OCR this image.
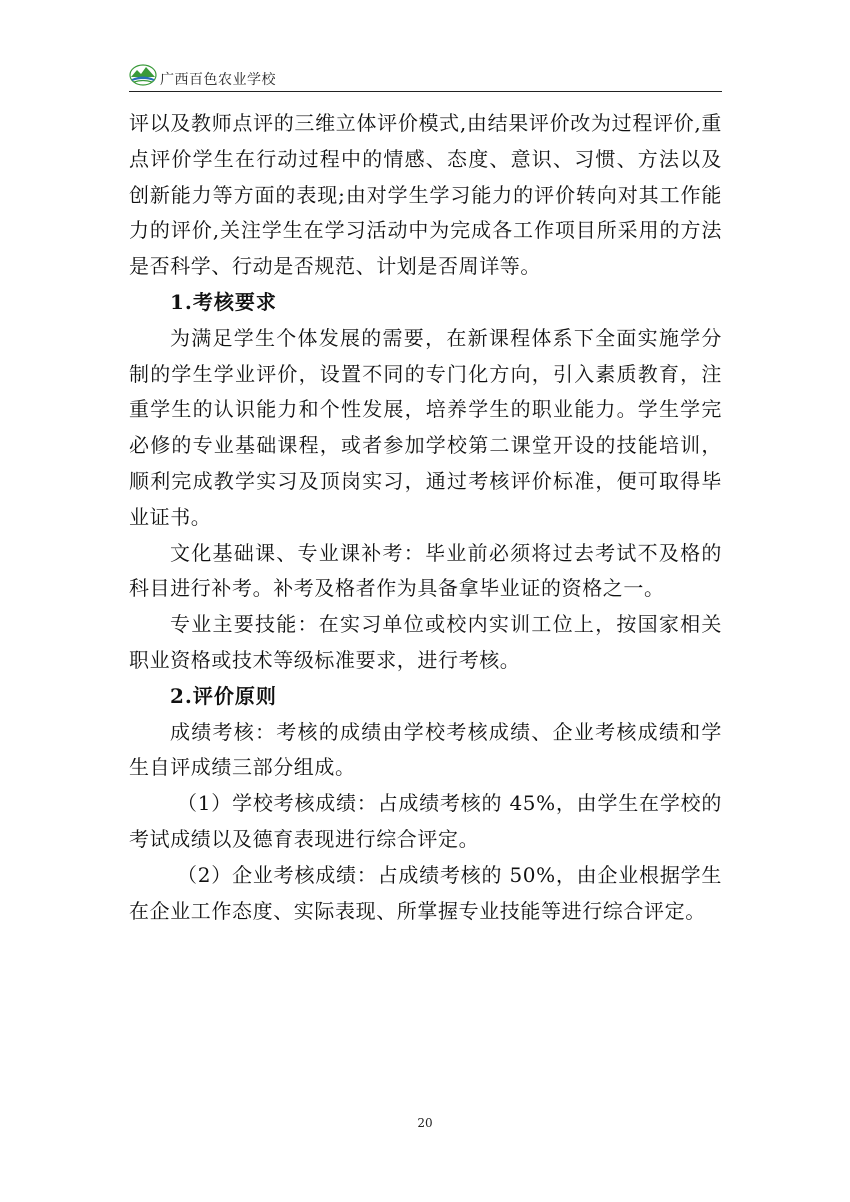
广西百色农业学校

评以及教师点评的三维立体评价模式,由结果评价改为过程评价,重点评价学生在行动过程中的情感、态度、意识、习惯、方法以及创新能力等方面的表现;由对学生学习能力的评价转向对其工作能力的评价,关注学生在学习活动中为完成各工作项目所采用的方法是否科学、行动是否规范、计划是否周详等。

1.考核要求

为满足学生个体发展的需要，在新课程体系下全面实施学分制的学生学业评价，设置不同的专门化方向，引入素质教育，注重学生的认识能力和个性发展，培养学生的职业能力。学生学完必修的专业基础课程，或者参加学校第二课堂开设的技能培训，顺利完成教学实习及顶岗实习，通过考核评价标准，便可取得毕业证书。

文化基础课、专业课补考：毕业前必须将过去考试不及格的科目进行补考。补考及格者作为具备拿毕业证的资格之一。

专业主要技能：在实习单位或校内实训工位上，按国家相关职业资格或技术等级标准要求，进行考核。

2.评价原则

成绩考核：考核的成绩由学校考核成绩、企业考核成绩和学生自评成绩三部分组成。

（1）学校考核成绩：占成绩考核的 45%，由学生在学校的考试成绩以及德育表现进行综合评定。

（2）企业考核成绩：占成绩考核的 50%，由企业根据学生在企业工作态度、实际表现、所掌握专业技能等进行综合评定。

20
